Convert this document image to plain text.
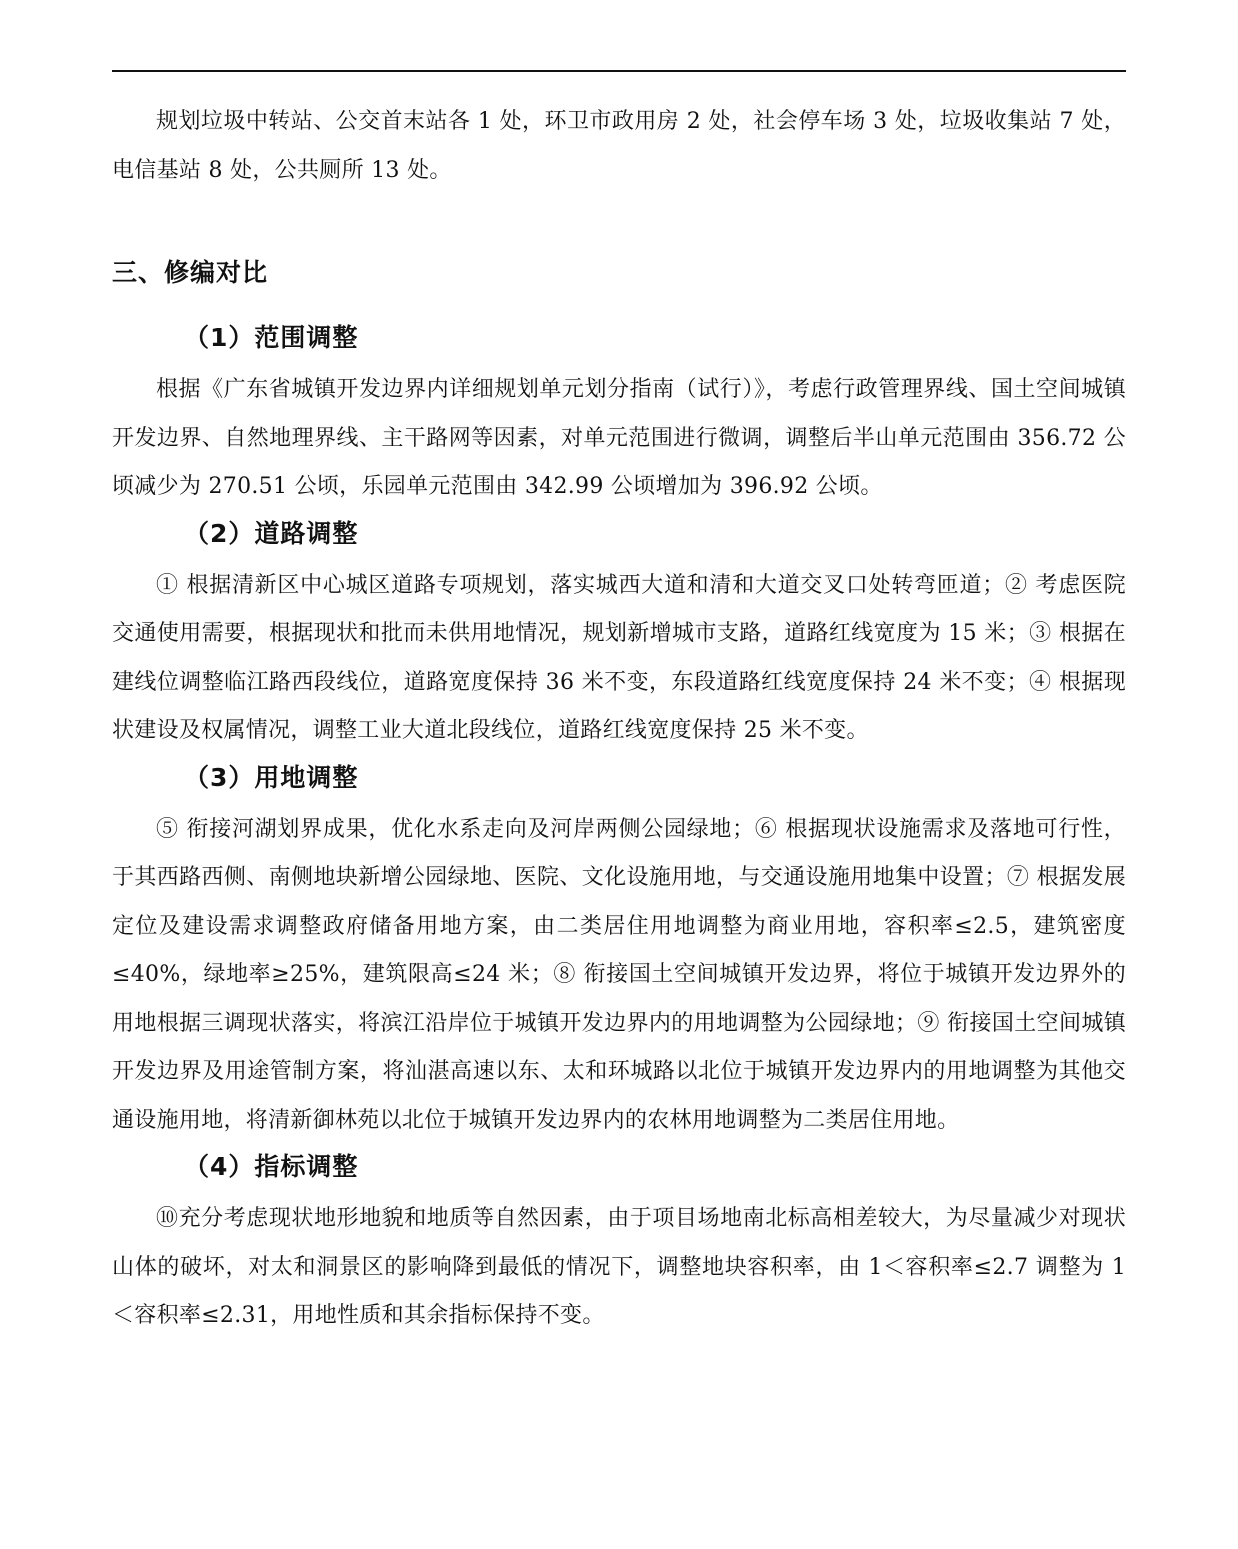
规划垃圾中转站、公交首末站各 1 处，环卫市政用房 2 处，社会停车场 3 处，垃圾收集站 7 处，电信基站 8 处，公共厕所 13 处。

三、修编对比
（1）范围调整

根据《广东省城镇开发边界内详细规划单元划分指南（试行）》，考虑行政管理界线、国土空间城镇开发边界、自然地理界线、主干路网等因素，对单元范围进行微调，调整后半山单元范围由 356.72 公顷减少为 270.51 公顷，乐园单元范围由 342.99 公顷增加为 396.92 公顷。

（2）道路调整

① 根据清新区中心城区道路专项规划，落实城西大道和清和大道交叉口处转弯匝道；② 考虑医院交通使用需要，根据现状和批而未供用地情况，规划新增城市支路，道路红线宽度为 15 米；③ 根据在建线位调整临江路西段线位，道路宽度保持 36 米不变，东段道路红线宽度保持 24 米不变；④ 根据现状建设及权属情况，调整工业大道北段线位，道路红线宽度保持 25 米不变。

（3）用地调整

⑤ 衔接河湖划界成果，优化水系走向及河岸两侧公园绿地；⑥ 根据现状设施需求及落地可行性，于其西路西侧、南侧地块新增公园绿地、医院、文化设施用地，与交通设施用地集中设置；⑦ 根据发展定位及建设需求调整政府储备用地方案，由二类居住用地调整为商业用地，容积率≤2.5，建筑密度≤40%，绿地率≥25%，建筑限高≤24 米；⑧ 衔接国土空间城镇开发边界，将位于城镇开发边界外的用地根据三调现状落实，将滨江沿岸位于城镇开发边界内的用地调整为公园绿地；⑨ 衔接国土空间城镇开发边界及用途管制方案，将汕湛高速以东、太和环城路以北位于城镇开发边界内的用地调整为其他交通设施用地，将清新御林苑以北位于城镇开发边界内的农林用地调整为二类居住用地。

（4）指标调整

⑩充分考虑现状地形地貌和地质等自然因素，由于项目场地南北标高相差较大，为尽量减少对现状山体的破坏，对太和洞景区的影响降到最低的情况下，调整地块容积率，由 1＜容积率≤2.7 调整为 1＜容积率≤2.31，用地性质和其余指标保持不变。
